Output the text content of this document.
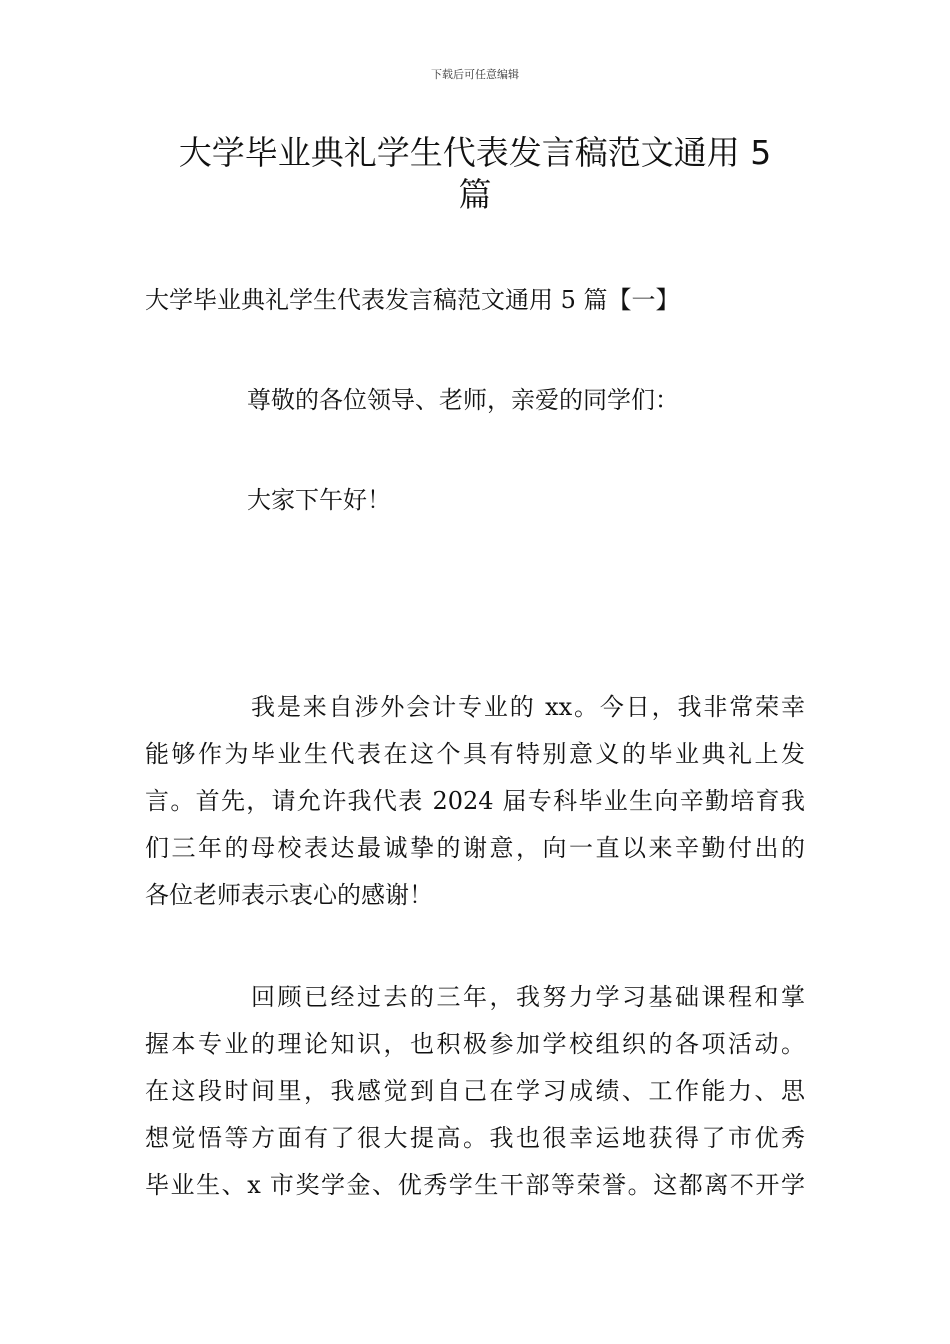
下载后可任意编辑
大学毕业典礼学生代表发言稿范文通用 5
篇

大学毕业典礼学生代表发言稿范文通用 5 篇【一】

尊敬的各位领导、老师，亲爱的同学们：

大家下午好！

我是来自涉外会计专业的 xx。今日，我非常荣幸
能够作为毕业生代表在这个具有特别意义的毕业典礼上发
言。首先，请允许我代表 2024 届专科毕业生向辛勤培育我
们三年的母校表达最诚挚的谢意，向一直以来辛勤付出的
各位老师表示衷心的感谢！
回顾已经过去的三年，我努力学习基础课程和掌
握本专业的理论知识，也积极参加学校组织的各项活动。
在这段时间里，我感觉到自己在学习成绩、工作能力、思
想觉悟等方面有了很大提高。我也很幸运地获得了市优秀
毕业生、x 市奖学金、优秀学生干部等荣誉。这都离不开学
